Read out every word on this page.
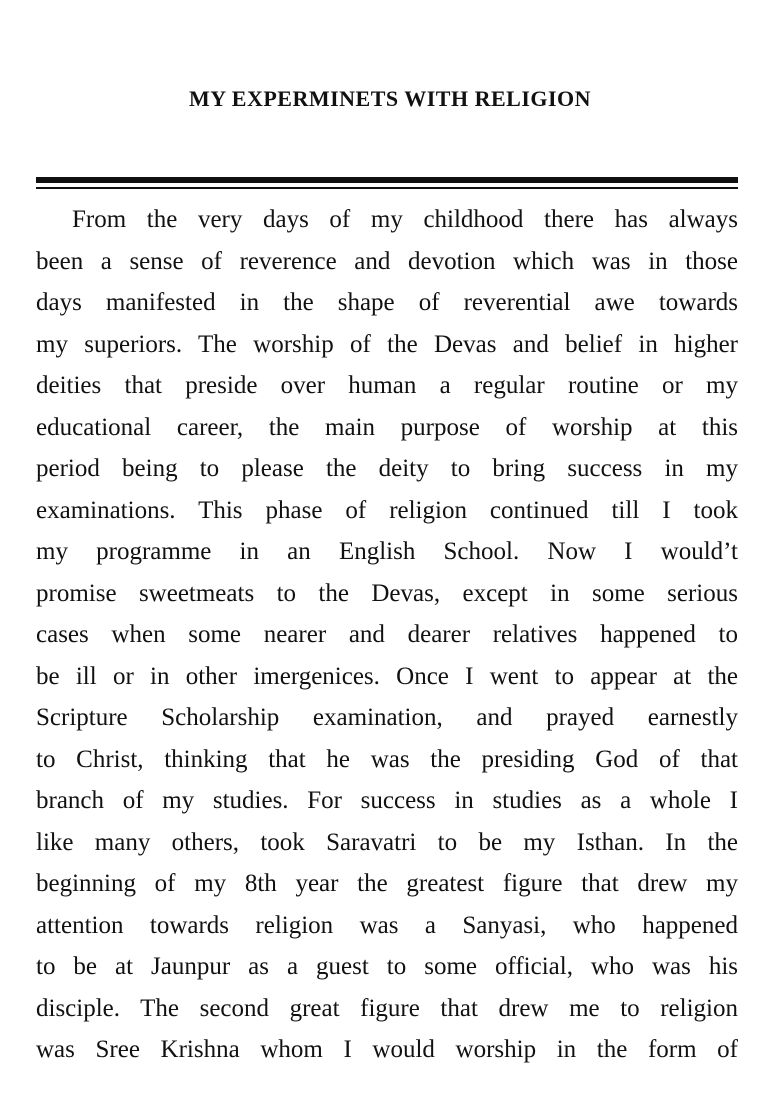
MY EXPERMINETS WITH RELIGION
From the very days of my childhood there has always
been a sense of reverence and devotion which was in those
days manifested in the shape of reverential awe towards
my superiors. The worship of the Devas and belief in higher
deities that preside over human a regular routine or my
educational career, the main purpose of worship at this
period being to please the deity to bring success in my
examinations. This phase of religion continued till I took
my programme in an English School. Now I would’t
promise sweetmeats to the Devas, except in some serious
cases when some nearer and dearer relatives happened to
be ill or in other imergenices. Once I went to appear at the
Scripture Scholarship examination, and prayed earnestly
to Christ, thinking that he was the presiding God of that
branch of my studies. For success in studies as a whole I
like many others, took Saravatri to be my Isthan. In the
beginning of my 8th year the greatest figure that drew my
attention towards religion was a Sanyasi, who happened
to be at Jaunpur as a guest to some official, who was his
disciple. The second great figure that drew me to religion
was Sree Krishna whom I would worship in the form of
